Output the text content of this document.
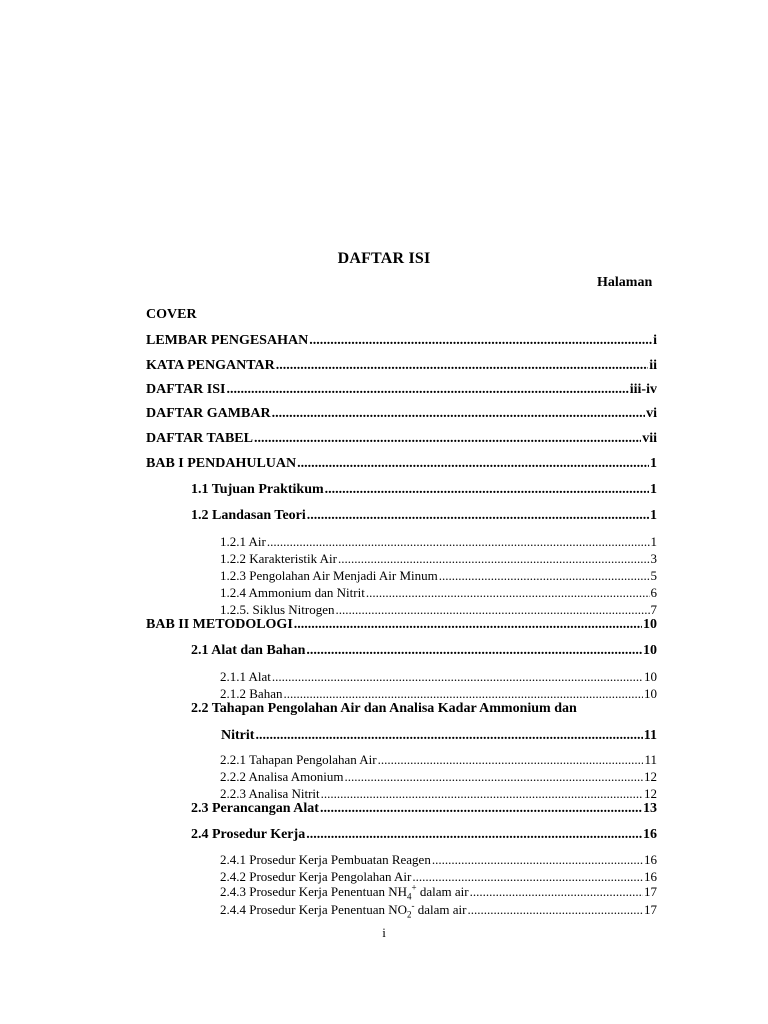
DAFTAR ISI
Halaman
COVER
LEMBAR PENGESAHAN .....	i
KATA PENGANTAR .....	ii
DAFTAR ISI .....	iii-iv
DAFTAR GAMBAR .....	vi
DAFTAR TABEL .....	vii
BAB I PENDAHULUAN .....	1
1.1 Tujuan Praktikum .....	1
1.2 Landasan Teori .....	1
1.2.1 Air .....	1
1.2.2 Karakteristik Air .....	3
1.2.3 Pengolahan Air Menjadi Air Minum .....	5
1.2.4 Ammonium dan Nitrit .....	6
1.2.5. Siklus Nitrogen .....	7
BAB II METODOLOGI .....	10
2.1 Alat dan Bahan .....	10
2.1.1 Alat .....	10
2.1.2 Bahan .....	10
2.2 Tahapan Pengolahan Air dan Analisa Kadar Ammonium dan
Nitrit .....	11
2.2.1 Tahapan Pengolahan Air .....	11
2.2.2 Analisa Amonium .....	12
2.2.3 Analisa Nitrit .....	12
2.3 Perancangan Alat .....	13
2.4 Prosedur Kerja .....	16
2.4.1 Prosedur Kerja Pembuatan Reagen .....	16
2.4.2 Prosedur Kerja Pengolahan Air .....	16
2.4.3 Prosedur Kerja Penentuan $NH_4^+$ dalam air .....	17
2.4.4 Prosedur Kerja Penentuan $NO_2^-$ dalam air .....	17
i
